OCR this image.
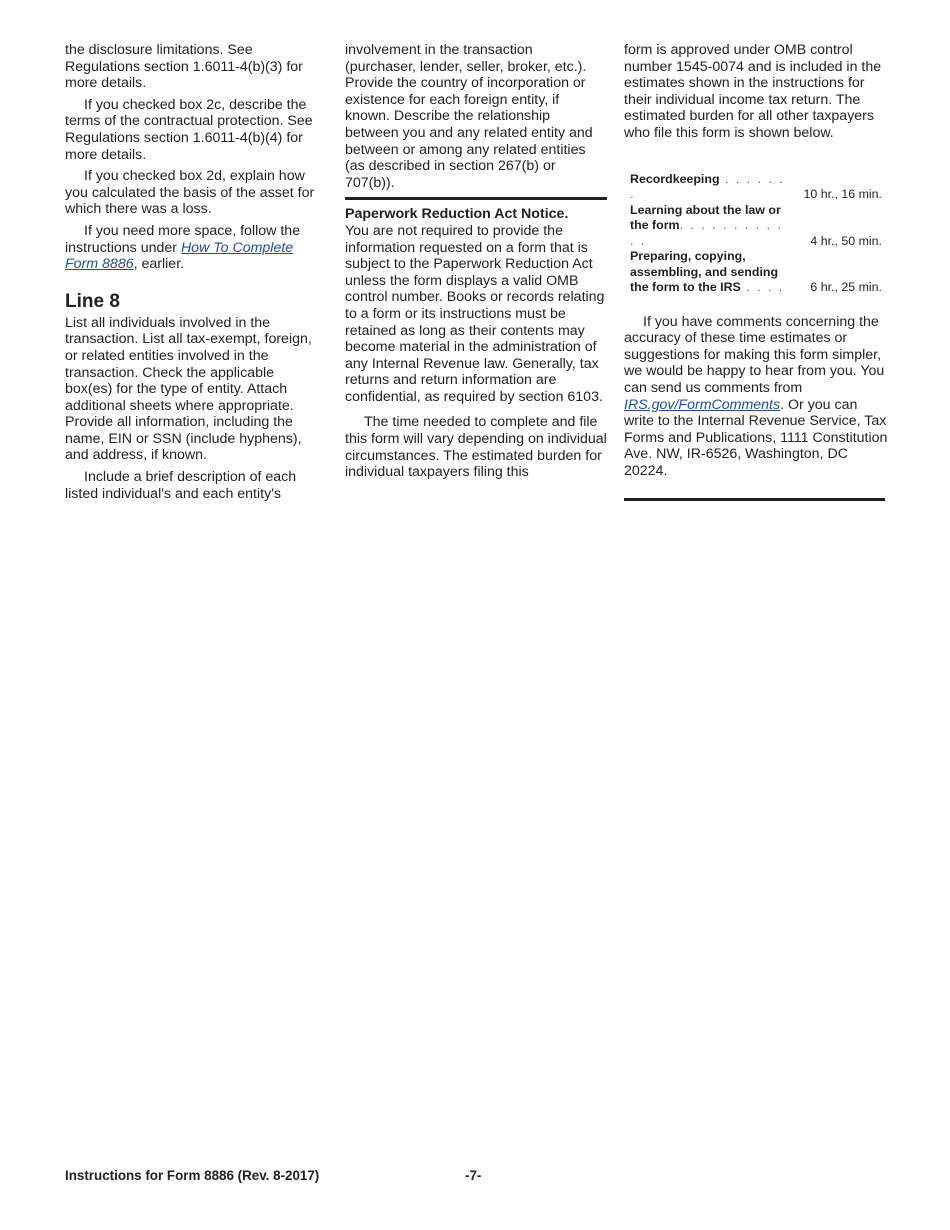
the disclosure limitations. See Regulations section 1.6011-4(b)(3) for more details.

If you checked box 2c, describe the terms of the contractual protection. See Regulations section 1.6011-4(b)(4) for more details.

If you checked box 2d, explain how you calculated the basis of the asset for which there was a loss.

If you need more space, follow the instructions under How To Complete Form 8886, earlier.

Line 8

List all individuals involved in the transaction. List all tax-exempt, foreign, or related entities involved in the transaction. Check the applicable box(es) for the type of entity. Attach additional sheets where appropriate. Provide all information, including the name, EIN or SSN (include hyphens), and address, if known.

Include a brief description of each listed individual's and each entity's

involvement in the transaction (purchaser, lender, seller, broker, etc.). Provide the country of incorporation or existence for each foreign entity, if known. Describe the relationship between you and any related entity and between or among any related entities (as described in section 267(b) or 707(b)).

Paperwork Reduction Act Notice.
You are not required to provide the information requested on a form that is subject to the Paperwork Reduction Act unless the form displays a valid OMB control number. Books or records relating to a form or its instructions must be retained as long as their contents may become material in the administration of any Internal Revenue law. Generally, tax returns and return information are confidential, as required by section 6103.

The time needed to complete and file this form will vary depending on individual circumstances. The estimated burden for individual taxpayers filing this

form is approved under OMB control number 1545-0074 and is included in the estimates shown in the instructions for their individual income tax return. The estimated burden for all other taxpayers who file this form is shown below.

Recordkeeping . . . . . . .	10 hr., 16 min.
Learning about the law or	
the form. . . . . . . . . . . .	4 hr., 50 min.
Preparing, copying,	
assembling, and sending	
the form to the IRS . . . .	6 hr., 25 min.

If you have comments concerning the accuracy of these time estimates or suggestions for making this form simpler, we would be happy to hear from you. You can send us comments from IRS.gov/FormComments. Or you can write to the Internal Revenue Service, Tax Forms and Publications, 1111 Constitution Ave. NW, IR-6526, Washington, DC 20224.

Instructions for Form 8886 (Rev. 8-2017)	-7-
